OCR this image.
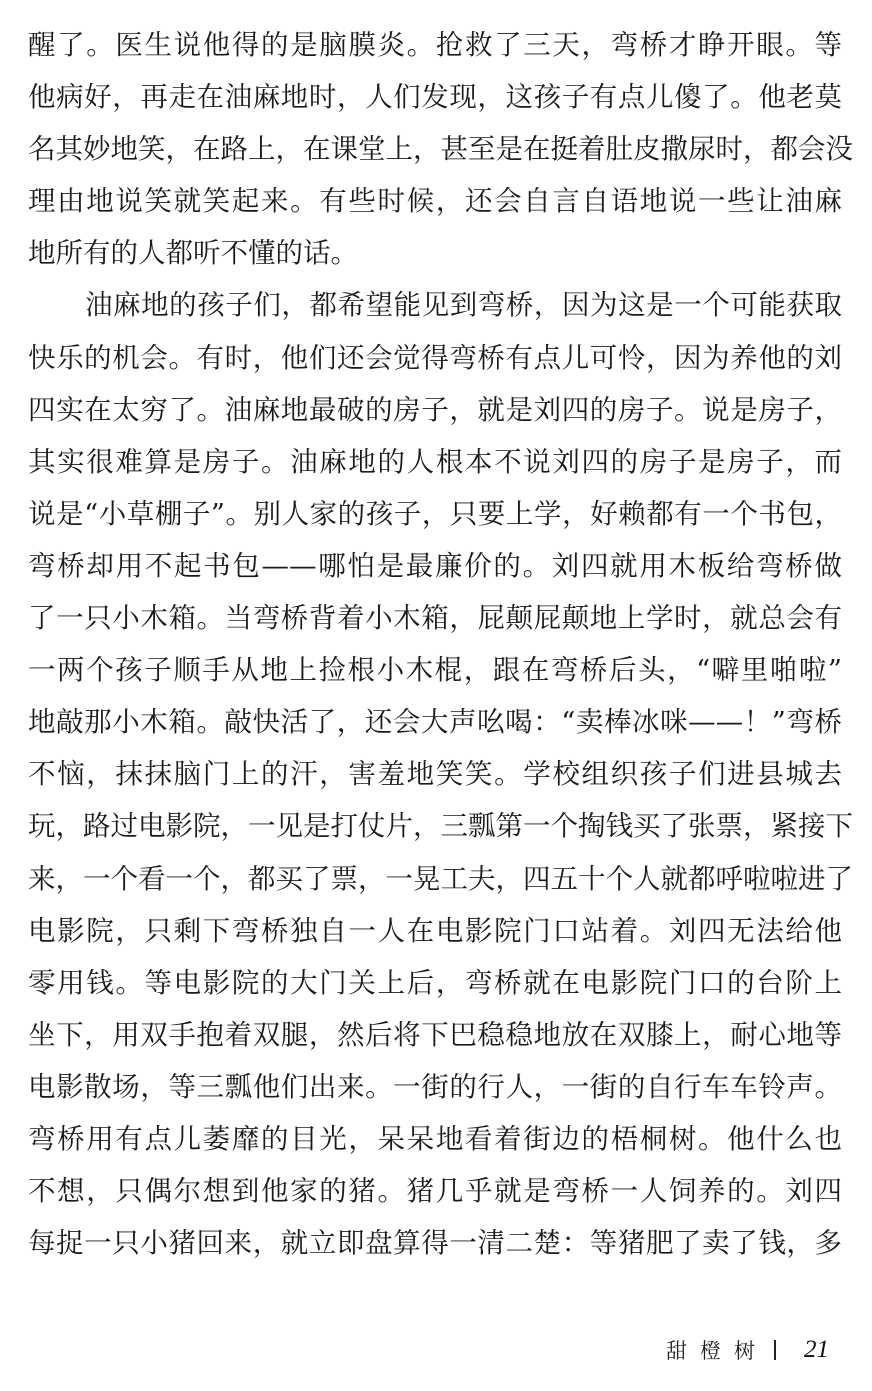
醒了。医生说他得的是脑膜炎。抢救了三天，弯桥才睁开眼。等
他病好，再走在油麻地时，人们发现，这孩子有点儿傻了。他老莫
名其妙地笑，在路上，在课堂上，甚至是在挺着肚皮撒尿时，都会没
理由地说笑就笑起来。有些时候，还会自言自语地说一些让油麻
地所有的人都听不懂的话。
油麻地的孩子们，都希望能见到弯桥，因为这是一个可能获取
快乐的机会。有时，他们还会觉得弯桥有点儿可怜，因为养他的刘
四实在太穷了。油麻地最破的房子，就是刘四的房子。说是房子，
其实很难算是房子。油麻地的人根本不说刘四的房子是房子，而
说是“小草棚子”。别人家的孩子，只要上学，好赖都有一个书包，
弯桥却用不起书包——哪怕是最廉价的。刘四就用木板给弯桥做
了一只小木箱。当弯桥背着小木箱，屁颠屁颠地上学时，就总会有
一两个孩子顺手从地上捡根小木棍，跟在弯桥后头，“噼里啪啦”
地敲那小木箱。敲快活了，还会大声吆喝：“卖棒冰咪——！”弯桥
不恼，抹抹脑门上的汗，害羞地笑笑。学校组织孩子们进县城去
玩，路过电影院，一见是打仗片，三瓢第一个掏钱买了张票，紧接下
来，一个看一个，都买了票，一晃工夫，四五十个人就都呼啦啦进了
电影院，只剩下弯桥独自一人在电影院门口站着。刘四无法给他
零用钱。等电影院的大门关上后，弯桥就在电影院门口的台阶上
坐下，用双手抱着双腿，然后将下巴稳稳地放在双膝上，耐心地等
电影散场，等三瓢他们出来。一街的行人，一街的自行车车铃声。
弯桥用有点儿萎靡的目光，呆呆地看着街边的梧桐树。他什么也
不想，只偶尔想到他家的猪。猪几乎就是弯桥一人饲养的。刘四
每捉一只小猪回来，就立即盘算得一清二楚：等猪肥了卖了钱，多
甜橙树 21
